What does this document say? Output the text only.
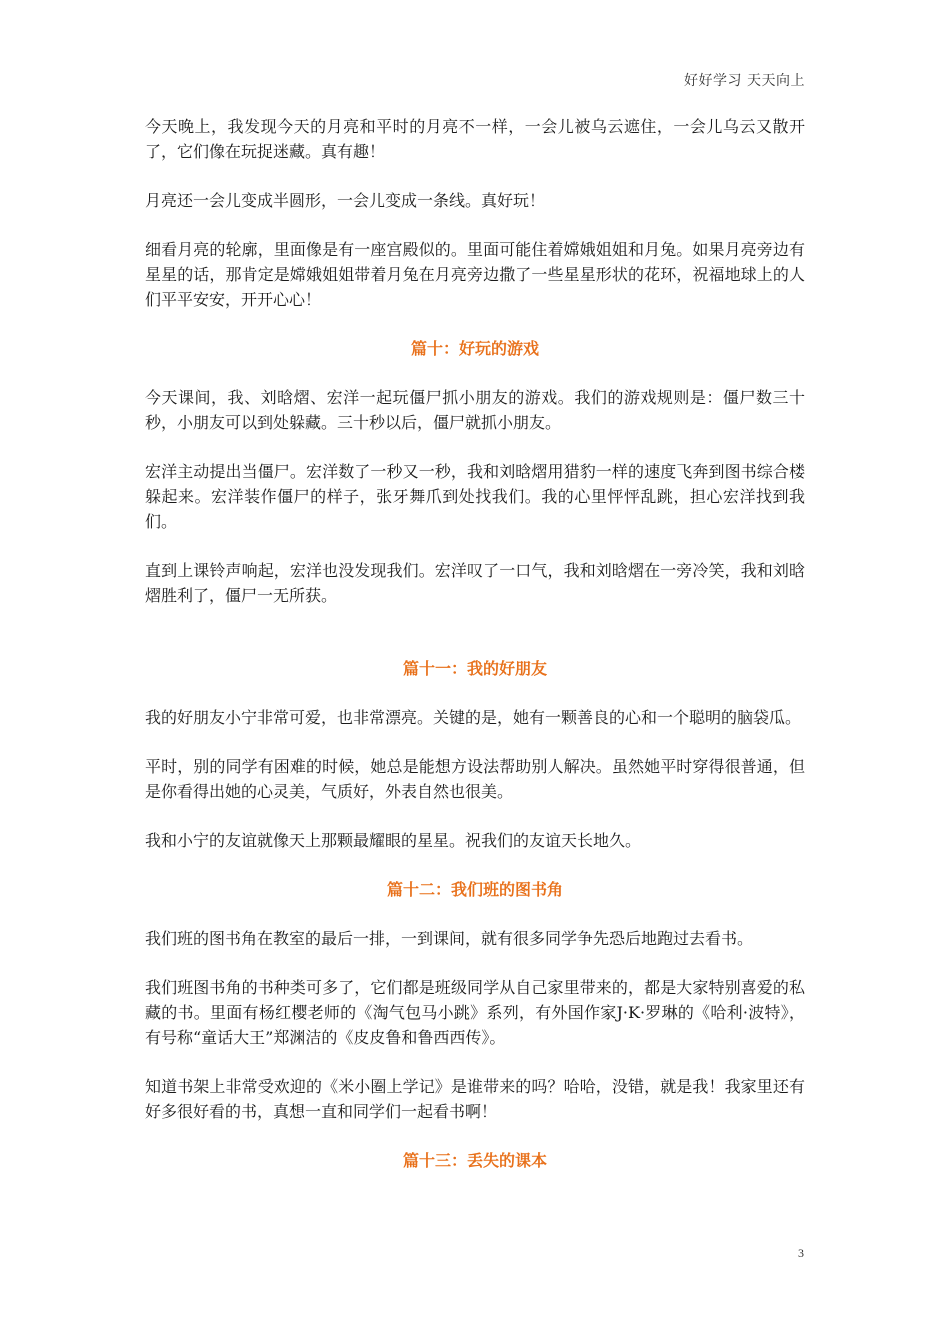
好好学习 天天向上

今天晚上，我发现今天的月亮和平时的月亮不一样，一会儿被乌云遮住，一会儿乌云又散开了，它们像在玩捉迷藏。真有趣！

月亮还一会儿变成半圆形，一会儿变成一条线。真好玩！

细看月亮的轮廓，里面像是有一座宫殿似的。里面可能住着嫦娥姐姐和月兔。如果月亮旁边有星星的话，那肯定是嫦娥姐姐带着月兔在月亮旁边撒了一些星星形状的花环，祝福地球上的人们平平安安，开开心心！

篇十：好玩的游戏

今天课间，我、刘晗熠、宏洋一起玩僵尸抓小朋友的游戏。我们的游戏规则是：僵尸数三十秒，小朋友可以到处躲藏。三十秒以后，僵尸就抓小朋友。

宏洋主动提出当僵尸。宏洋数了一秒又一秒，我和刘晗熠用猎豹一样的速度飞奔到图书综合楼躲起来。宏洋装作僵尸的样子，张牙舞爪到处找我们。我的心里怦怦乱跳，担心宏洋找到我们。

直到上课铃声响起，宏洋也没发现我们。宏洋叹了一口气，我和刘晗熠在一旁冷笑，我和刘晗熠胜利了，僵尸一无所获。

篇十一：我的好朋友

我的好朋友小宁非常可爱，也非常漂亮。关键的是，她有一颗善良的心和一个聪明的脑袋瓜。

平时，别的同学有困难的时候，她总是能想方设法帮助别人解决。虽然她平时穿得很普通，但是你看得出她的心灵美，气质好，外表自然也很美。

我和小宁的友谊就像天上那颗最耀眼的星星。祝我们的友谊天长地久。

篇十二：我们班的图书角

我们班的图书角在教室的最后一排，一到课间，就有很多同学争先恐后地跑过去看书。

我们班图书角的书种类可多了，它们都是班级同学从自己家里带来的，都是大家特别喜爱的私藏的书。里面有杨红樱老师的《淘气包马小跳》系列，有外国作家J·K·罗琳的《哈利·波特》，有号称“童话大王”郑渊洁的《皮皮鲁和鲁西西传》。

知道书架上非常受欢迎的《米小圈上学记》是谁带来的吗？哈哈，没错，就是我！我家里还有好多很好看的书，真想一直和同学们一起看书啊！

篇十三：丢失的课本

3
